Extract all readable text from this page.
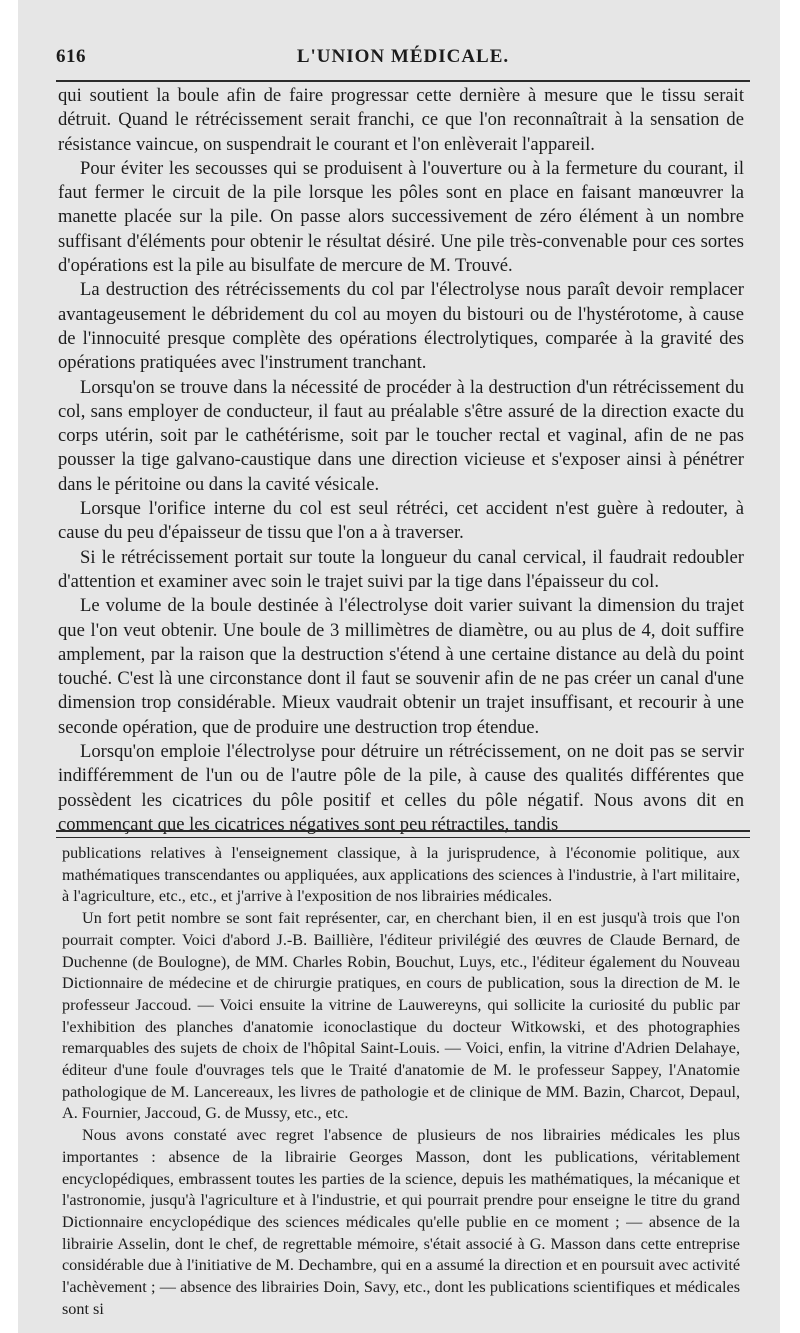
616	L'UNION MÉDICALE.

qui soutient la boule afin de faire progressar cette dernière à mesure que le tissu serait détruit. Quand le rétrécissement serait franchi, ce que l'on reconnaîtrait à la sensation de résistance vaincue, on suspendrait le courant et l'on enlèverait l'appareil.

Pour éviter les secousses qui se produisent à l'ouverture ou à la fermeture du courant, il faut fermer le circuit de la pile lorsque les pôles sont en place en faisant manœuvrer la manette placée sur la pile. On passe alors successivement de zéro élément à un nombre suffisant d'éléments pour obtenir le résultat désiré. Une pile très-convenable pour ces sortes d'opérations est la pile au bisulfate de mercure de M. Trouvé.

La destruction des rétrécissements du col par l'électrolyse nous paraît devoir remplacer avantageusement le débridement du col au moyen du bistouri ou de l'hystérotome, à cause de l'innocuité presque complète des opérations électrolytiques, comparée à la gravité des opérations pratiquées avec l'instrument tranchant.

Lorsqu'on se trouve dans la nécessité de procéder à la destruction d'un rétrécissement du col, sans employer de conducteur, il faut au préalable s'être assuré de la direction exacte du corps utérin, soit par le cathétérisme, soit par le toucher rectal et vaginal, afin de ne pas pousser la tige galvano-caustique dans une direction vicieuse et s'exposer ainsi à pénétrer dans le péritoine ou dans la cavité vésicale.

Lorsque l'orifice interne du col est seul rétréci, cet accident n'est guère à redouter, à cause du peu d'épaisseur de tissu que l'on a à traverser.

Si le rétrécissement portait sur toute la longueur du canal cervical, il faudrait redoubler d'attention et examiner avec soin le trajet suivi par la tige dans l'épaisseur du col.

Le volume de la boule destinée à l'électrolyse doit varier suivant la dimension du trajet que l'on veut obtenir. Une boule de 3 millimètres de diamètre, ou au plus de 4, doit suffire amplement, par la raison que la destruction s'étend à une certaine distance au delà du point touché. C'est là une circonstance dont il faut se souvenir afin de ne pas créer un canal d'une dimension trop considérable. Mieux vaudrait obtenir un trajet insuffisant, et recourir à une seconde opération, que de produire une destruction trop étendue.

Lorsqu'on emploie l'électrolyse pour détruire un rétrécissement, on ne doit pas se servir indifféremment de l'un ou de l'autre pôle de la pile, à cause des qualités différentes que possèdent les cicatrices du pôle positif et celles du pôle négatif. Nous avons dit en commençant que les cicatrices négatives sont peu rétractiles, tandis

publications relatives à l'enseignement classique, à la jurisprudence, à l'économie politique, aux mathématiques transcendantes ou appliquées, aux applications des sciences à l'industrie, à l'art militaire, à l'agriculture, etc., etc., et j'arrive à l'exposition de nos librairies médicales.

Un fort petit nombre se sont fait représenter, car, en cherchant bien, il en est jusqu'à trois que l'on pourrait compter. Voici d'abord J.-B. Baillière, l'éditeur privilégié des œuvres de Claude Bernard, de Duchenne (de Boulogne), de MM. Charles Robin, Bouchut, Luys, etc., l'éditeur également du Nouveau Dictionnaire de médecine et de chirurgie pratiques, en cours de publication, sous la direction de M. le professeur Jaccoud. — Voici ensuite la vitrine de Lauwereyns, qui sollicite la curiosité du public par l'exhibition des planches d'anatomie iconoclastique du docteur Witkowski, et des photographies remarquables des sujets de choix de l'hôpital Saint-Louis. — Voici, enfin, la vitrine d'Adrien Delahaye, éditeur d'une foule d'ouvrages tels que le Traité d'anatomie de M. le professeur Sappey, l'Anatomie pathologique de M. Lancereaux, les livres de pathologie et de clinique de MM. Bazin, Charcot, Depaul, A. Fournier, Jaccoud, G. de Mussy, etc., etc.

Nous avons constaté avec regret l'absence de plusieurs de nos librairies médicales les plus importantes : absence de la librairie Georges Masson, dont les publications, véritablement encyclopédiques, embrassent toutes les parties de la science, depuis les mathématiques, la mécanique et l'astronomie, jusqu'à l'agriculture et à l'industrie, et qui pourrait prendre pour enseigne le titre du grand Dictionnaire encyclopédique des sciences médicales qu'elle publie en ce moment ; — absence de la librairie Asselin, dont le chef, de regrettable mémoire, s'était associé à G. Masson dans cette entreprise considérable due à l'initiative de M. Dechambre, qui en a assumé la direction et en poursuit avec activité l'achèvement ; — absence des librairies Doin, Savy, etc., dont les publications scientifiques et médicales sont si
